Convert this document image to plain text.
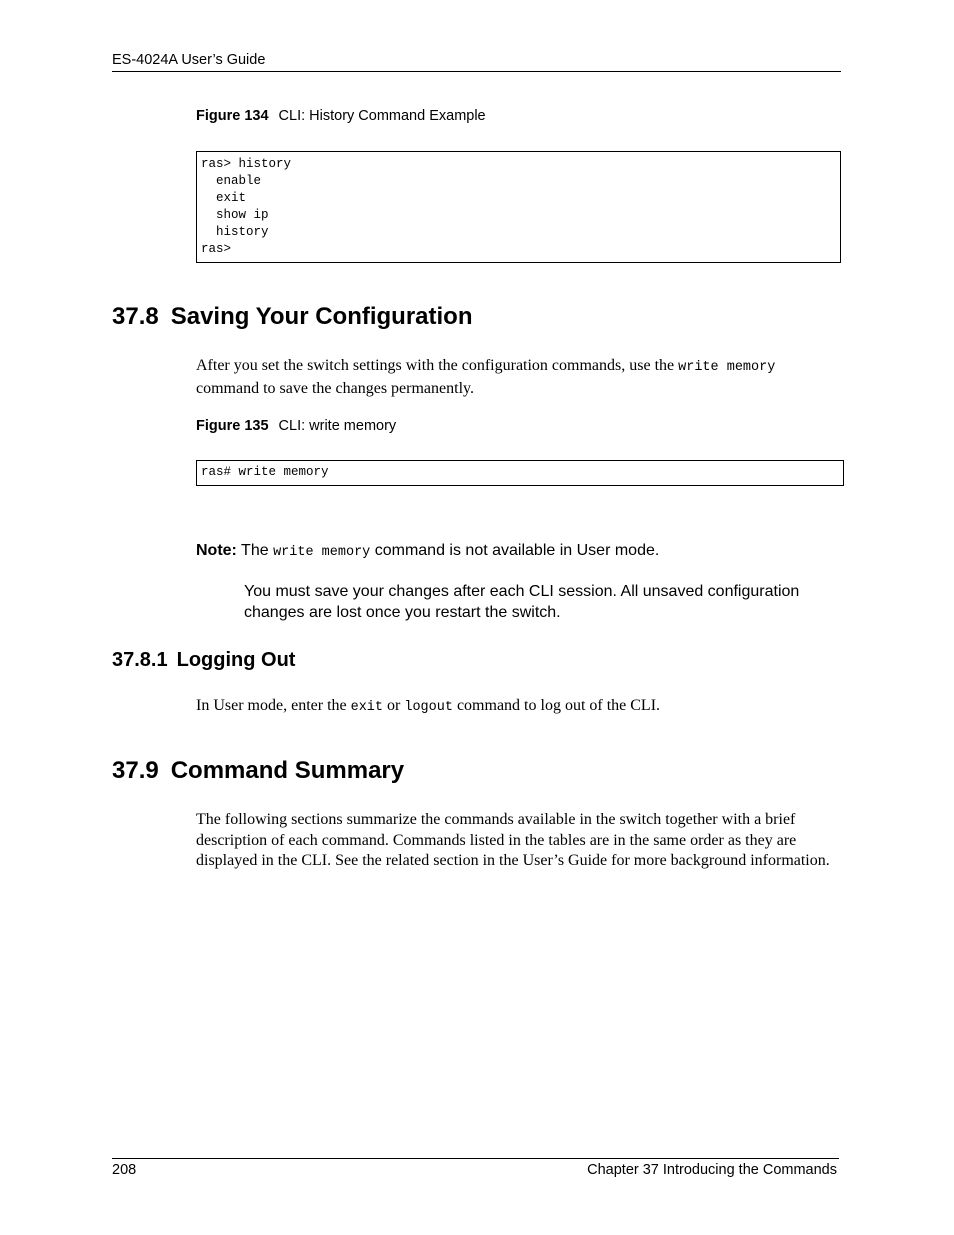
ES-4024A User’s Guide
Figure 134 CLI: History Command Example
ras> history
enable
exit
show ip
history
ras>
37.8 Saving Your Configuration

After you set the switch settings with the configuration commands, use the write memory command to save the changes permanently.

Figure 135 CLI: write memory
ras# write memory

Note: The write memory command is not available in User mode.

You must save your changes after each CLI session. All unsaved configuration changes are lost once you restart the switch.

37.8.1 Logging Out

In User mode, enter the exit or logout command to log out of the CLI.

37.9 Command Summary

The following sections summarize the commands available in the switch together with a brief description of each command. Commands listed in the tables are in the same order as they are displayed in the CLI. See the related section in the User’s Guide for more background information.

208	Chapter 37 Introducing the Commands
